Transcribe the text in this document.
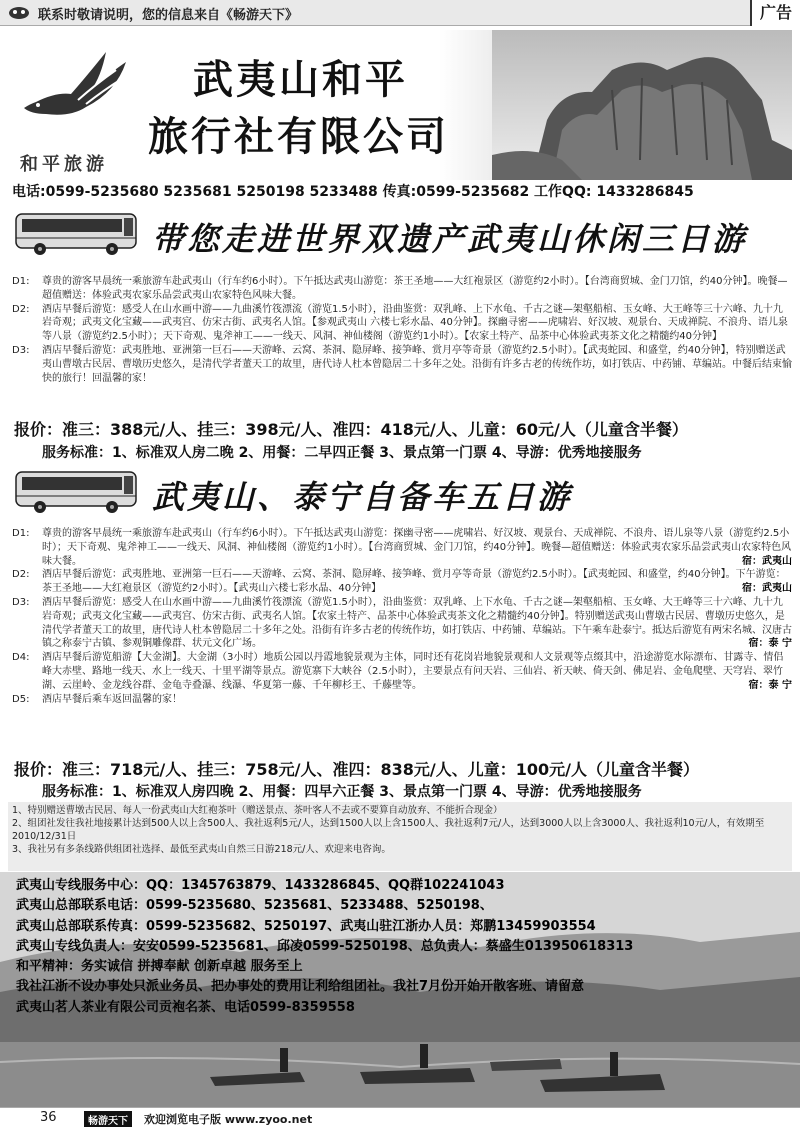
联系时敬请说明，您的信息来自《畅游天下》	广告
和平旅游
武夷山和平
旅行社有限公司
电话:0599-5235680 5235681 5250198 5233488 传真:0599-5235682 工作QQ: 1433286845
带您走进世界双遗产武夷山休闲三日游
D1:	尊贵的游客早晨统一乘旅游车赴武夷山（行车约6小时）。下午抵达武夷山游览：茶王圣地——大红袍景区（游览约2小时）。【台湾商贸城、金门刀馆，约40分钟】。晚餐—超值赠送：体验武夷农家乐品尝武夷山农家特色风味大餐。
D2:	酒店早餐后游览：感受人在山水画中游——九曲溪竹筏漂流（游览1.5小时），沿曲鉴赏：双乳峰、上下水龟、千古之谜—架壑船棺、玉女峰、大王峰等三十六峰、九十九岩奇观；武夷文化宝藏——武夷宫、仿宋古街、武夷名人馆。【参观武夷山 六楼七彩水晶、40分钟】。探幽寻密——虎啸岩、好汉坡、观景台、天成禅院、不浪舟、语儿泉等八景（游览约2.5小时）；天下奇观、鬼斧神工——一线天、风洞、神仙楼阁（游览约1小时）。【农家土特产、品茶中心体验武夷茶文化之精髓约40分钟】
D3:	酒店早餐后游览：武夷胜地、亚洲第一巨石——天游峰、云窝、茶洞、隐屏峰、接笋峰、赏月亭等奇景（游览约2.5小时）。【武夷蛇园、和盛堂，约40分钟】，特别赠送武夷山曹墩古民居、曹墩历史悠久，是清代学者董天工的故里，唐代诗人杜本曾隐居二十多年之处。沿街有许多古老的传统作坊，如打铁店、中药铺、草编站。中餐后结束愉快的旅行！回温馨的家！
报价：准三：388元/人、挂三：398元/人、准四：418元/人、儿童：60元/人（儿童含半餐）
服务标准：1、标准双人房二晚 2、用餐：二早四正餐 3、景点第一门票 4、导游：优秀地接服务
武夷山、泰宁自备车五日游
D1:	尊贵的游客早晨统一乘旅游车赴武夷山（行车约6小时）。下午抵达武夷山游览：探幽寻密——虎啸岩、好汉坡、观景台、天成禅院、不浪舟、语儿泉等八景（游览约2.5小时）；天下奇观、鬼斧神工——一线天、风洞、神仙楼阁（游览约1小时）。【台湾商贸城、金门刀馆，约40分钟】。晚餐—超值赠送：体验武夷农家乐品尝武夷山农家特色风味大餐。	宿：武夷山
D2:	酒店早餐后游览：武夷胜地、亚洲第一巨石——天游峰、云窝、茶洞、隐屏峰、接笋峰、赏月亭等奇景（游览约2.5小时）。【武夷蛇园、和盛堂，约40分钟】。下午游览：茶王圣地——大红袍景区（游览约2小时）。【武夷山六楼七彩水晶、40分钟】	宿：武夷山
D3:	酒店早餐后游览：感受人在山水画中游——九曲溪竹筏漂流（游览1.5小时），沿曲鉴赏：双乳峰、上下水龟、千古之谜—架壑船棺、玉女峰、大王峰等三十六峰、九十九岩奇观；武夷文化宝藏——武夷宫、仿宋古街、武夷名人馆。【农家土特产、品茶中心体验武夷茶文化之精髓约40分钟】。特别赠送武夷山曹墩古民居、曹墩历史悠久，是清代学者董天工的故里，唐代诗人杜本曾隐居二十多年之处。沿街有许多古老的传统作坊，如打铁店、中药铺、草编站。下午乘车赴泰宁。抵达后游览有两宋名城、汉唐古镇之称泰宁古镇、参观铜雕像群、状元文化广场。	宿：泰 宁
D4:	酒店早餐后游览船游【大金湖】。大金湖（3小时）地质公园以丹霞地貌景观为主体，同时还有花岗岩地貌景观和人文景观等点缀其中，沿途游览水际漂布、甘露寺、情侣峰大赤壁、路地一线天、水上一线天、十里平湖等景点。游览寨下大峡谷（2.5小时），主要景点有问天岩、三仙岩、祈天峡、倚天剑、佛足岩、金龟爬壁、天穹岩、翠竹湖、云崖岭、金龙线谷群、金龟寺叠瀑、线瀑、华夏第一藤、千年柳杉王、千藤壁等。	宿：泰 宁
D5:	酒店早餐后乘车返回温馨的家！
报价：准三：718元/人、挂三：758元/人、准四：838元/人、儿童：100元/人（儿童含半餐）
服务标准：1、标准双人房四晚 2、用餐：四早六正餐 3、景点第一门票 4、导游：优秀地接服务
1、特别赠送曹墩古民居、每人一份武夷山大红袍茶叶（赠送景点、茶叶客人不去或不要算自动放弃、不能折合现金）
2、组团社发往我社地接累计达到500人以上含500人、我社返利5元/人，达到1500人以上含1500人、我社返利7元/人，达到3000人以上含3000人、我社返利10元/人，有效期至2010/12/31日
3、我社另有多条线路供组团社选择、最低至武夷山自然三日游218元/人、欢迎来电咨询。
武夷山专线服务中心：QQ：1345763879、1433286845、QQ群102241043
武夷山总部联系电话：0599-5235680、5235681、5233488、5250198、
武夷山总部联系传真：0599-5235682、5250197、武夷山驻江浙办人员：郑鹏13459903554
武夷山专线负责人：安安0599-5235681、邱凌0599-5250198、总负责人：蔡盛生013950618313
和平精神：务实诚信 拼搏奉献 创新卓越 服务至上
我社江浙不设办事处只派业务员、把办事处的费用让利给组团社。我社7月份开始开散客班、请留意
武夷山茗人茶业有限公司贡袍名茶、电话0599-8359558
36	畅游天下	欢迎浏览电子版 www.zyoo.net
